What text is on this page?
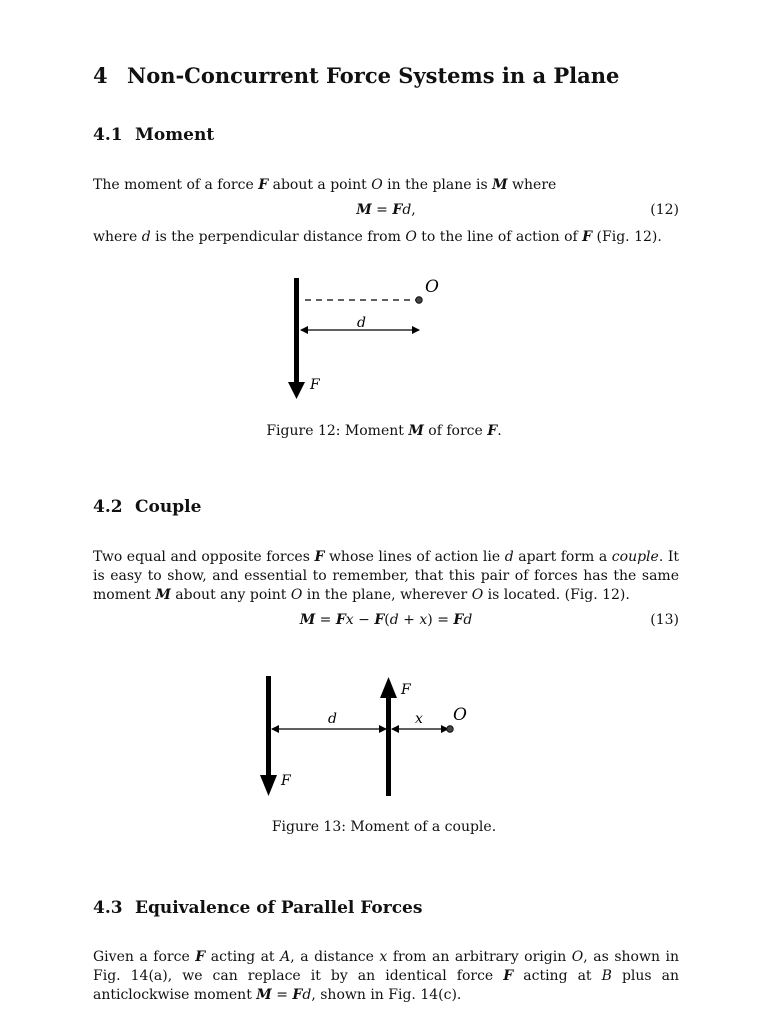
4 Non-Concurrent Force Systems in a Plane
4.1 Moment
The moment of a force F about a point O in the plane is M where
M = Fd,	(12)
where d is the perpendicular distance from O to the line of action of F (Fig. 12).
O
d
F
F
F
d	x O
Figure 12: Moment M of force F.
4.2 Couple
Two equal and opposite forces F whose lines of action lie d apart form a couple. It is easy to show, and essential to remember, that this pair of forces has the same moment M about any point O in the plane, wherever O is located. (Fig. 12).
M = Fx − F(d + x) = Fd	(13)
Figure 13: Moment of a couple.
4.3 Equivalence of Parallel Forces
Given a force F acting at A, a distance x from an arbitrary origin O, as shown in Fig. 14(a), we can replace it by an identical force F acting at B plus an anticlockwise moment M = Fd, shown in Fig. 14(c).
